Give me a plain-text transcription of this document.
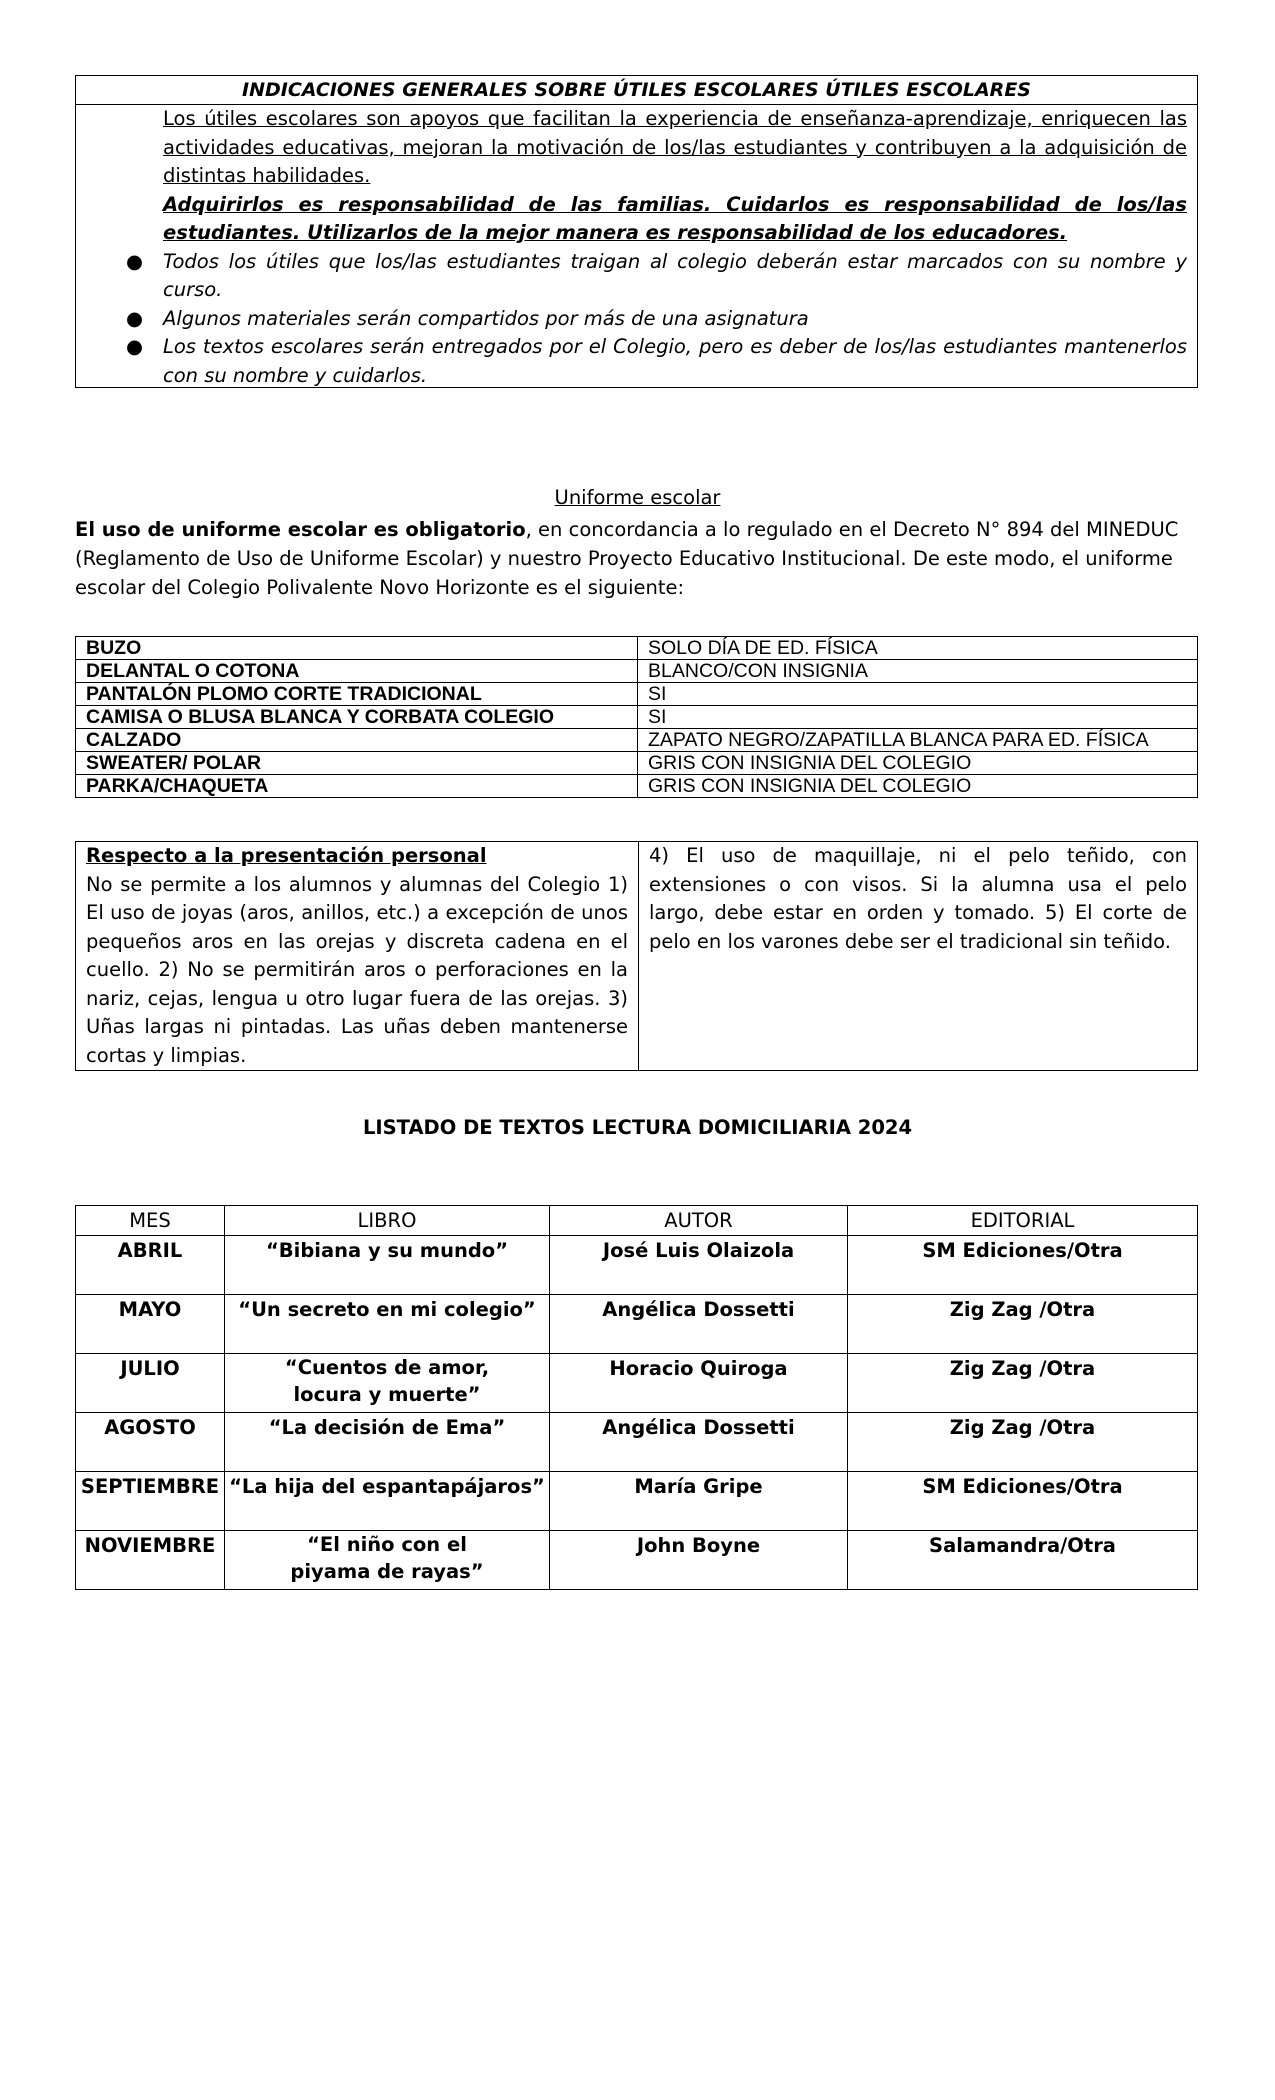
INDICACIONES GENERALES SOBRE ÚTILES ESCOLARES ÚTILES ESCOLARES

Los útiles escolares son apoyos que facilitan la experiencia de enseñanza-aprendizaje, enriquecen las actividades educativas, mejoran la motivación de los/las estudiantes y contribuyen a la adquisición de distintas habilidades.

Adquirirlos es responsabilidad de las familias. Cuidarlos es responsabilidad de los/las estudiantes. Utilizarlos de la mejor manera es responsabilidad de los educadores.

● Todos los útiles que los/las estudiantes traigan al colegio deberán estar marcados con su nombre y curso.
● Algunos materiales serán compartidos por más de una asignatura
● Los textos escolares serán entregados por el Colegio, pero es deber de los/las estudiantes mantenerlos con su nombre y cuidarlos.
Uniforme escolar

El uso de uniforme escolar es obligatorio, en concordancia a lo regulado en el Decreto N° 894 del MINEDUC (Reglamento de Uso de Uniforme Escolar) y nuestro Proyecto Educativo Institucional. De este modo, el uniforme escolar del Colegio Polivalente Novo Horizonte es el siguiente:

BUZO	SOLO DÍA DE ED. FÍSICA
DELANTAL O COTONA	BLANCO/CON INSIGNIA
PANTALÓN PLOMO CORTE TRADICIONAL	SI
CAMISA O BLUSA BLANCA Y CORBATA COLEGIO	SI
CALZADO	ZAPATO NEGRO/ZAPATILLA BLANCA PARA ED. FÍSICA
SWEATER/ POLAR	GRIS CON INSIGNIA DEL COLEGIO
PARKA/CHAQUETA	GRIS CON INSIGNIA DEL COLEGIO
Respecto a la presentación personal
No se permite a los alumnos y alumnas del Colegio 1) El uso de joyas (aros, anillos, etc.) a excepción de unos pequeños aros en las orejas y discreta cadena en el cuello. 2) No se permitirán aros o perforaciones en la nariz, cejas, lengua u otro lugar fuera de las orejas. 3) Uñas largas ni pintadas. Las uñas deben mantenerse cortas y limpias.

4) El uso de maquillaje, ni el pelo teñido, con extensiones o con visos. Si la alumna usa el pelo largo, debe estar en orden y tomado. 5) El corte de pelo en los varones debe ser el tradicional sin teñido.
LISTADO DE TEXTOS LECTURA DOMICILIARIA 2024
MES	LIBRO	AUTOR	EDITORIAL
ABRIL	“Bibiana y su mundo”	José Luis Olaizola	SM Ediciones/Otra
MAYO	“Un secreto en mi colegio”	Angélica Dossetti	Zig Zag /Otra
JULIO	“Cuentos de amor, locura y muerte”	Horacio Quiroga	Zig Zag /Otra
AGOSTO	“La decisión de Ema”	Angélica Dossetti	Zig Zag /Otra
SEPTIEMBRE	“La hija del espantapájaros”	María Gripe	SM Ediciones/Otra
NOVIEMBRE	“El niño con el piyama de rayas”	John Boyne	Salamandra/Otra
